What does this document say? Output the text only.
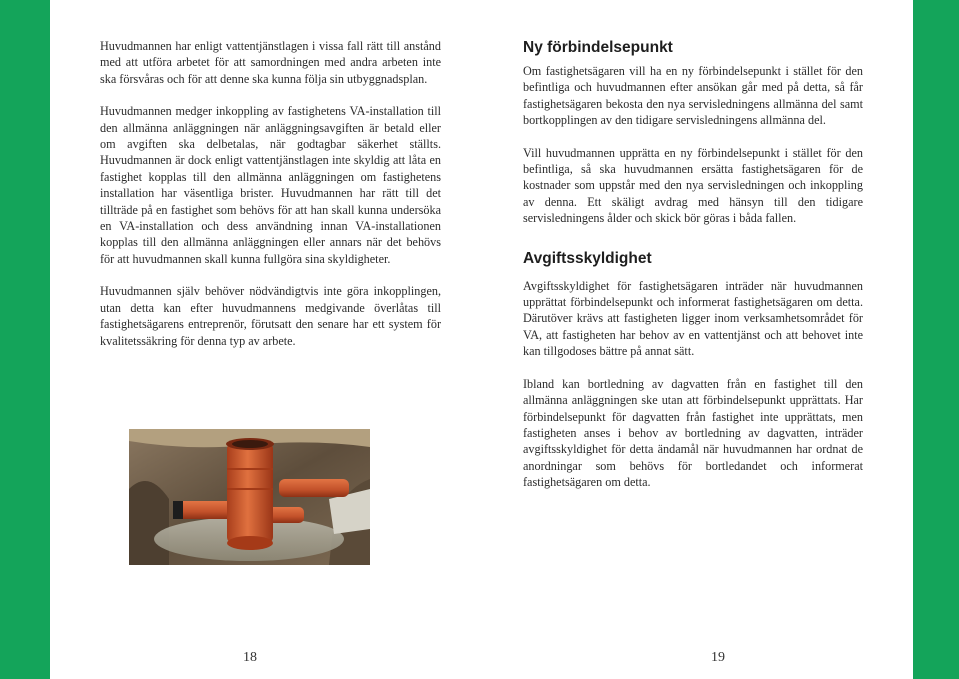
Huvudmannen har enligt vattentjänstlagen i vissa fall rätt till anstånd med att utföra arbetet för att samordningen med andra arbeten inte ska försvåras och för att denne ska kunna följa sin utbyggnadsplan.

Huvudmannen medger inkoppling av fastighetens VA-installation till den allmänna anläggningen när anläggningsavgiften är betald eller om avgiften ska delbetalas, när godtagbar säkerhet ställts. Huvudmannen är dock enligt vattentjänstlagen inte skyldig att låta en fastighet kopplas till den allmänna anläggningen om fastighetens installation har väsentliga brister. Huvudmannen har rätt till det tillträde på en fastighet som behövs för att han skall kunna undersöka en VA-installation och dess användning innan VA-installationen kopplas till den allmänna anläggningen eller annars när det behövs för att huvudmannen skall kunna fullgöra sina skyldigheter.

Huvudmannen själv behöver nödvändigtvis inte göra inkopplingen, utan detta kan efter huvudmannens medgivande överlåtas till fastighetsägarens entreprenör, förutsatt den senare har ett system för kvalitetssäkring för denna typ av arbete.

18
Ny förbindelsepunkt

Om fastighetsägaren vill ha en ny förbindelsepunkt i stället för den befintliga och huvudmannen efter ansökan går med på detta, så får fastighetsägaren bekosta den nya servisledningens allmänna del samt bortkopplingen av den tidigare servisledningens allmänna del.

Vill huvudmannen upprätta en ny förbindelsepunkt i stället för den befintliga, så ska huvudmannen ersätta fastighetsägaren för de kostnader som uppstår med den nya servisledningen och inkoppling av denna. Ett skäligt avdrag med hänsyn till den tidigare servisledningens ålder och skick bör göras i båda fallen.

Avgiftsskyldighet

Avgiftsskyldighet för fastighetsägaren inträder när huvudmannen upprättat förbindelsepunkt och informerat fastighetsägaren om detta. Därutöver krävs att fastigheten ligger inom verksamhetsområdet för VA, att fastigheten har behov av en vattentjänst och att behovet inte kan tillgodoses bättre på annat sätt.

Ibland kan bortledning av dagvatten från en fastighet till den allmänna anläggningen ske utan att förbindelsepunkt upprättats. Har förbindelsepunkt för dagvatten från fastighet inte upprättats, men fastigheten anses i behov av bortledning av dagvatten, inträder avgiftsskyldighet för detta ändamål när huvudmannen har ordnat de anordningar som behövs för bortledandet och informerat fastighetsägaren om detta.

19
